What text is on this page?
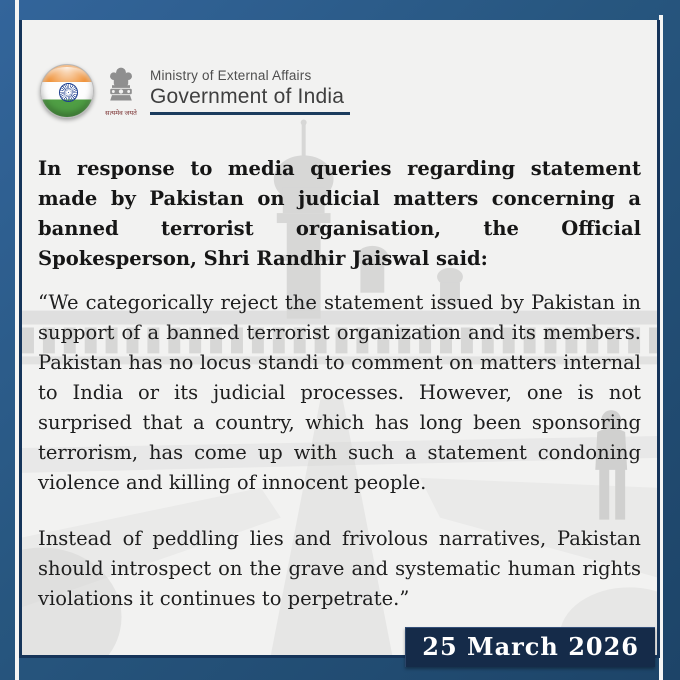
सत्यमेव जयते
Ministry of External Affairs
Government of India

In response to media queries regarding statement made by Pakistan on judicial matters concerning a banned terrorist organisation, the Official Spokesperson, Shri Randhir Jaiswal said:

“We categorically reject the statement issued by Pakistan in support of a banned terrorist organization and its members. Pakistan has no locus standi to comment on matters internal to India or its judicial processes. However, one is not surprised that a country, which has long been sponsoring terrorism, has come up with such a statement condoning violence and killing of innocent people.

Instead of peddling lies and frivolous narratives, Pakistan should introspect on the grave and systematic human rights violations it continues to perpetrate.”

25 March 2026
